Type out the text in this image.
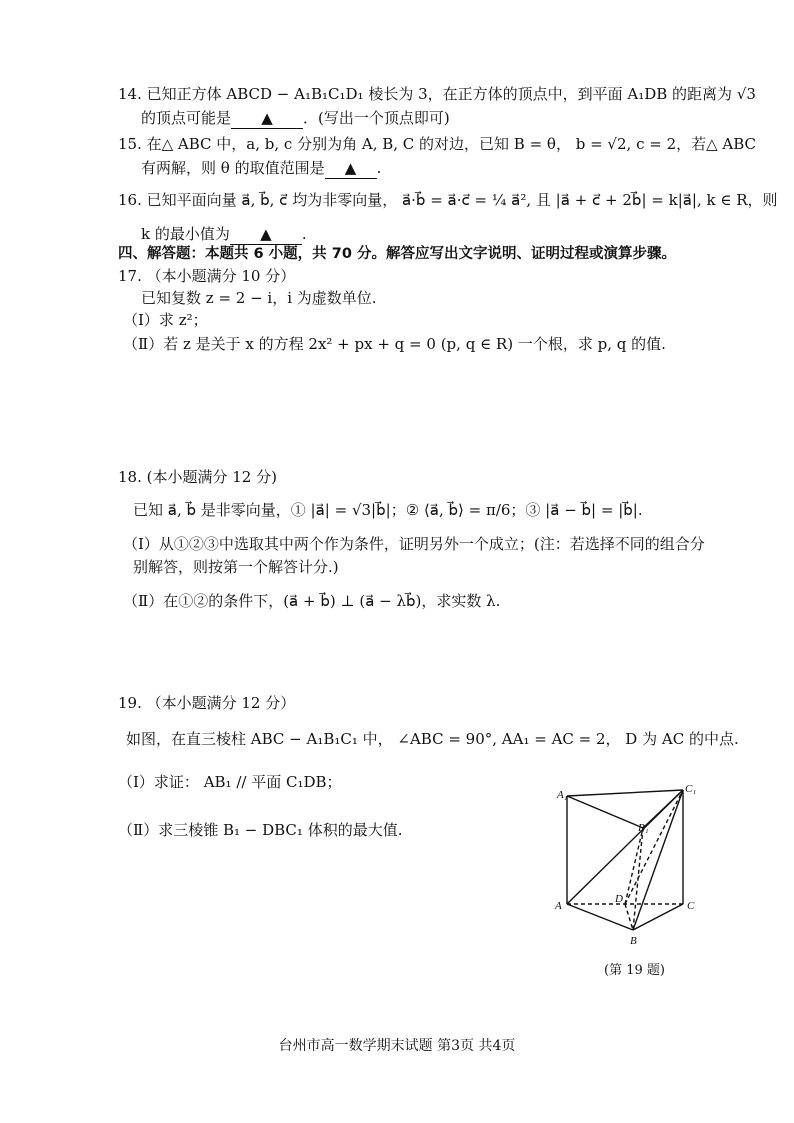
14. 已知正方体 ABCD − A₁B₁C₁D₁ 棱长为 3，在正方体的顶点中，到平面 A₁DB 的距离为 √3
的顶点可能是 ▲ ．(写出一个顶点即可)
15. 在△ ABC 中，a, b, c 分别为角 A, B, C 的对边，已知 B = θ， b = √2, c = 2，若△ ABC
有两解，则 θ 的取值范围是 ▲ .
16. 已知平面向量 a⃗, b⃗, c⃗ 均为非零向量， a⃗·b⃗ = a⃗·c⃗ = ¼ a⃗², 且 |a⃗ + c⃗ + 2b⃗| = k|a⃗|, k ∈ R，则
k 的最小值为 ▲ .
四、解答题：本题共 6 小题，共 70 分。解答应写出文字说明、证明过程或演算步骤。
17. （本小题满分 10 分）
已知复数 z = 2 − i，i 为虚数单位.
（Ⅰ）求 z²；
（Ⅱ）若 z 是关于 x 的方程 2x² + px + q = 0 (p, q ∈ R) 一个根，求 p, q 的值.
18. (本小题满分 12 分)
已知 a⃗, b⃗ 是非零向量，① |a⃗| = √3|b⃗|；② ⟨a⃗, b⃗⟩ = π/6；③ |a⃗ − b⃗| = |b⃗|.
（Ⅰ）从①②③中选取其中两个作为条件，证明另外一个成立；(注：若选择不同的组合分
别解答，则按第一个解答计分.)
（Ⅱ）在①②的条件下，(a⃗ + b⃗) ⊥ (a⃗ − λb⃗)，求实数 λ.
19. （本小题满分 12 分）
如图，在直三棱柱 ABC − A₁B₁C₁ 中， ∠ABC = 90°, AA₁ = AC = 2， D 为 AC 的中点.
（Ⅰ）求证： AB₁ // 平面 C₁DB；
（Ⅱ）求三棱锥 B₁ − DBC₁ 体积的最大值.
A₁	C₁
B₁
A
D
C
B
(第 19 题)
台州市高一数学期末试题 第3页 共4页
